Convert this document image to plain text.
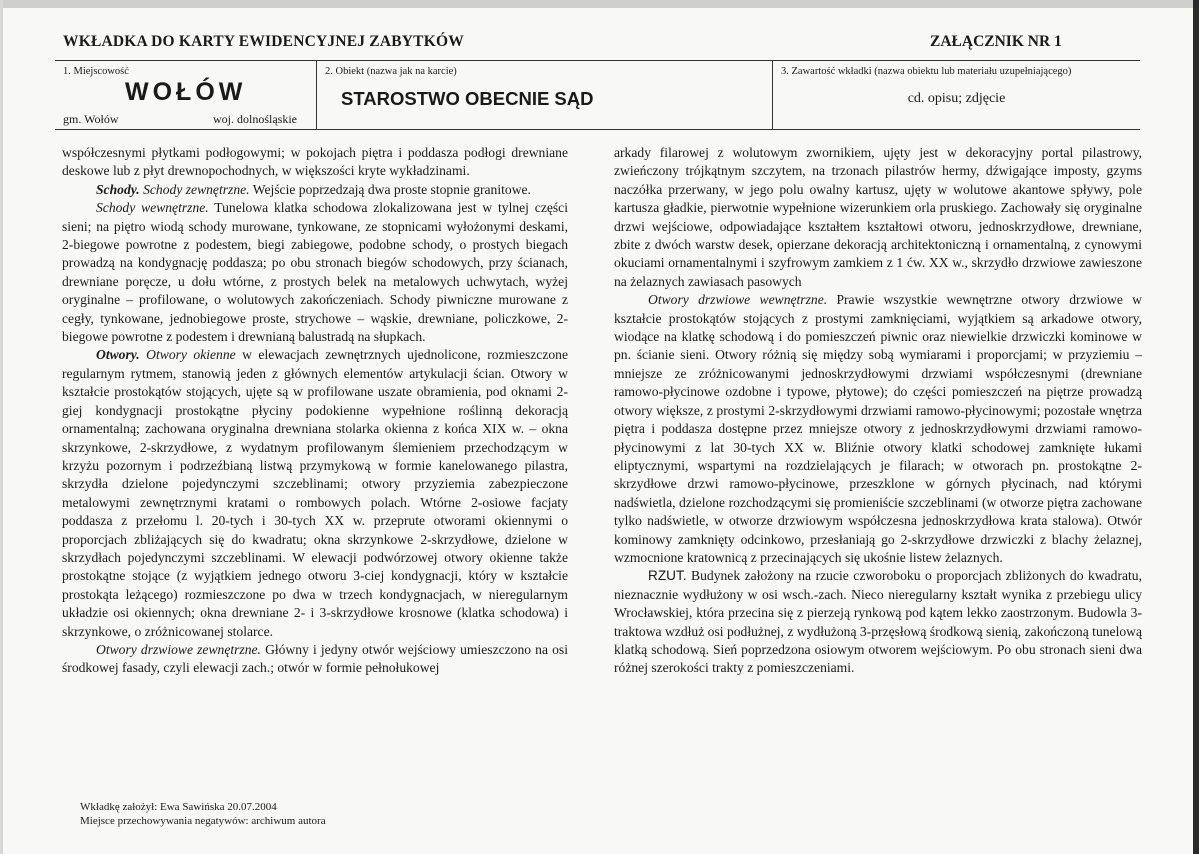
WKŁADKA DO KARTY EWIDENCYJNEJ ZABYTKÓW	ZAŁĄCZNIK NR 1
1. Miejscowość
WOŁÓW
gm. Wołów	woj. dolnośląskie
2. Obiekt (nazwa jak na karcie)
STAROSTWO OBECNIE SĄD
3. Zawartość wkładki (nazwa obiektu lub materiału uzupełniającego)
cd. opisu; zdjęcie

współczesnymi płytkami podłogowymi; w pokojach piętra i poddasza podłogi drewniane deskowe lub z płyt drewnopochodnych, w większości kryte wykładzinami.

Schody. Schody zewnętrzne. Wejście poprzedzają dwa proste stopnie granitowe.

Schody wewnętrzne. Tunelowa klatka schodowa zlokalizowana jest w tylnej części sieni; na piętro wiodą schody murowane, tynkowane, ze stopnicami wyłożonymi deskami, 2-biegowe powrotne z podestem, biegi zabiegowe, podobne schody, o prostych biegach prowadzą na kondygnację poddasza; po obu stronach biegów schodowych, przy ścianach, drewniane poręcze, u dołu wtórne, z prostych belek na metalowych uchwytach, wyżej oryginalne – profilowane, o wolutowych zakończeniach. Schody piwniczne murowane z cegły, tynkowane, jednobiegowe proste, strychowe – wąskie, drewniane, policzkowe, 2-biegowe powrotne z podestem i drewnianą balustradą na słupkach.

Otwory. Otwory okienne w elewacjach zewnętrznych ujednolicone, rozmieszczone regularnym rytmem, stanowią jeden z głównych elementów artykulacji ścian. Otwory w kształcie prostokątów stojących, ujęte są w profilowane uszate obramienia, pod oknami 2-giej kondygnacji prostokątne płyciny podokienne wypełnione roślinną dekoracją ornamentalną; zachowana oryginalna drewniana stolarka okienna z końca XIX w. – okna skrzynkowe, 2-skrzydłowe, z wydatnym profilowanym ślemieniem przechodzącym w krzyżu pozornym i podrzeźbianą listwą przymykową w formie kanelowanego pilastra, skrzydła dzielone pojedynczymi szczeblinami; otwory przyziemia zabezpieczone metalowymi zewnętrznymi kratami o rombowych polach. Wtórne 2-osiowe facjaty poddasza z przełomu l. 20-tych i 30-tych XX w. przeprute otworami okiennymi o proporcjach zbliżających się do kwadratu; okna skrzynkowe 2-skrzydłowe, dzielone w skrzydłach pojedynczymi szczeblinami. W elewacji podwórzowej otwory okienne także prostokątne stojące (z wyjątkiem jednego otworu 3-ciej kondygnacji, który w kształcie prostokąta leżącego) rozmieszczone po dwa w trzech kondygnacjach, w nieregularnym układzie osi okiennych; okna drewniane 2- i 3-skrzydłowe krosnowe (klatka schodowa) i skrzynkowe, o zróżnicowanej stolarce.

Otwory drzwiowe zewnętrzne. Główny i jedyny otwór wejściowy umieszczono na osi środkowej fasady, czyli elewacji zach.; otwór w formie pełnołukowej

arkady filarowej z wolutowym zwornikiem, ujęty jest w dekoracyjny portal pilastrowy, zwieńczony trójkątnym szczytem, na trzonach pilastrów hermy, dźwigające imposty, gzyms naczółka przerwany, w jego polu owalny kartusz, ujęty w wolutowe akantowe spływy, pole kartusza gładkie, pierwotnie wypełnione wizerunkiem orla pruskiego. Zachowały się oryginalne drzwi wejściowe, odpowiadające kształtem kształtowi otworu, jednoskrzydłowe, drewniane, zbite z dwóch warstw desek, opierzane dekoracją architektoniczną i ornamentalną, z cynowymi okuciami ornamentalnymi i szyfrowym zamkiem z 1 ćw. XX w., skrzydło drzwiowe zawieszone na żelaznych zawiasach pasowych

Otwory drzwiowe wewnętrzne. Prawie wszystkie wewnętrzne otwory drzwiowe w kształcie prostokątów stojących z prostymi zamknięciami, wyjątkiem są arkadowe otwory, wiodące na klatkę schodową i do pomieszczeń piwnic oraz niewielkie drzwiczki kominowe w pn. ścianie sieni. Otwory różnią się między sobą wymiarami i proporcjami; w przyziemiu – mniejsze ze zróżnicowanymi jednoskrzydłowymi drzwiami współczesnymi (drewniane ramowo-płycinowe ozdobne i typowe, płytowe); do części pomieszczeń na piętrze prowadzą otwory większe, z prostymi 2-skrzydłowymi drzwiami ramowo-płycinowymi; pozostałe wnętrza piętra i poddasza dostępne przez mniejsze otwory z jednoskrzydłowymi drzwiami ramowo-płycinowymi z lat 30-tych XX w. Bliźnie otwory klatki schodowej zamknięte łukami eliptycznymi, wspartymi na rozdzielających je filarach; w otworach pn. prostokątne 2-skrzydłowe drzwi ramowo-płycinowe, przeszklone w górnych płycinach, nad którymi nadświetla, dzielone rozchodzącymi się promieniście szczeblinami (w otworze piętra zachowane tylko nadświetle, w otworze drzwiowym współczesna jednoskrzydłowa krata stalowa). Otwór kominowy zamknięty odcinkowo, przesłaniają go 2-skrzydłowe drzwiczki z blachy żelaznej, wzmocnione kratownicą z przecinających się ukośnie listew żelaznych.

RZUT. Budynek założony na rzucie czworoboku o proporcjach zbliżonych do kwadratu, nieznacznie wydłużony w osi wsch.-zach. Nieco nieregularny kształt wynika z przebiegu ulicy Wrocławskiej, która przecina się z pierzeją rynkową pod kątem lekko zaostrzonym. Budowla 3-traktowa wzdłuż osi podłużnej, z wydłużoną 3-przęsłową środkową sienią, zakończoną tunelową klatką schodową. Sień poprzedzona osiowym otworem wejściowym. Po obu stronach sieni dwa różnej szerokości trakty z pomieszczeniami.

Wkładkę założył: Ewa Sawińska 20.07.2004
Miejsce przechowywania negatywów: archiwum autora
